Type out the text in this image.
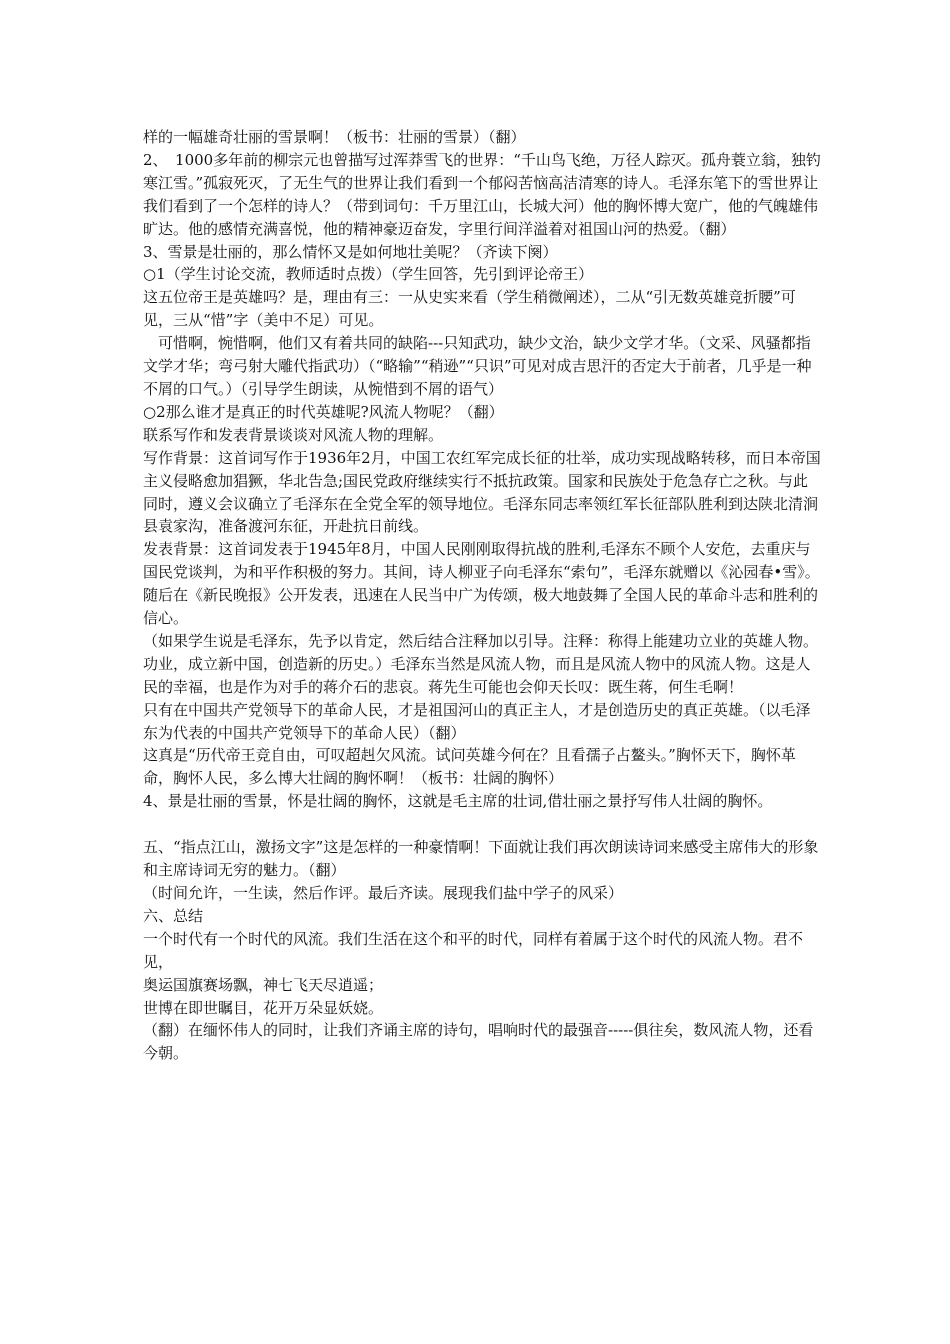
样的一幅雄奇壮丽的雪景啊！（板书：壮丽的雪景）（翻）

2、　1000多年前的柳宗元也曾描写过浑莽雪飞的世界：“千山鸟飞绝，万径人踪灭。孤舟蓑立翁，独钓寒江雪。”孤寂死灭，了无生气的世界让我们看到一个郁闷苦恼高洁清寒的诗人。毛泽东笔下的雪世界让我们看到了一个怎样的诗人？（带到词句：千万里江山，长城大河）他的胸怀博大宽广，他的气魄雄伟旷达。他的感情充满喜悦，他的精神豪迈奋发，字里行间洋溢着对祖国山河的热爱。（翻）

3、雪景是壮丽的，那么情怀又是如何地壮美呢？（齐读下阕）

○1（学生讨论交流，教师适时点拨）（学生回答，先引到评论帝王）

这五位帝王是英雄吗？是，理由有三：一从史实来看（学生稍微阐述），二从“引无数英雄竞折腰”可见，三从“惜”字（美中不足）可见。

可惜啊，惋惜啊，他们又有着共同的缺陷---只知武功，缺少文治，缺少文学才华。（文采、风骚都指文学才华；弯弓射大雕代指武功）（“略输”“稍逊”“只识”可见对成吉思汗的否定大于前者，几乎是一种不屑的口气。）（引导学生朗读，从惋惜到不屑的语气）

○2那么谁才是真正的时代英雄呢?风流人物呢？（翻）

联系写作和发表背景谈谈对风流人物的理解。

写作背景：这首词写作于1936年2月，中国工农红军完成长征的壮举，成功实现战略转移，而日本帝国主义侵略愈加猖獗，华北告急;国民党政府继续实行不抵抗政策。国家和民族处于危急存亡之秋。与此同时，遵义会议确立了毛泽东在全党全军的领导地位。毛泽东同志率领红军长征部队胜利到达陕北清涧县袁家沟，准备渡河东征，开赴抗日前线。

发表背景：这首词发表于1945年8月，中国人民刚刚取得抗战的胜利,毛泽东不顾个人安危，去重庆与国民党谈判，为和平作积极的努力。其间，诗人柳亚子向毛泽东“索句”，毛泽东就赠以《沁园春•雪》。随后在《新民晚报》公开发表，迅速在人民当中广为传颂，极大地鼓舞了全国人民的革命斗志和胜利的信心。

（如果学生说是毛泽东，先予以肯定，然后结合注释加以引导。注释：称得上能建功立业的英雄人物。功业，成立新中国，创造新的历史。）毛泽东当然是风流人物，而且是风流人物中的风流人物。这是人民的幸福，也是作为对手的蒋介石的悲哀。蒋先生可能也会仰天长叹：既生蒋，何生毛啊！

只有在中国共产党领导下的革命人民，才是祖国河山的真正主人，才是创造历史的真正英雄。（以毛泽东为代表的中国共产党领导下的革命人民）（翻）

这真是“历代帝王竞自由，可叹超赳欠风流。试问英雄今何在？且看孺子占鳌头。”胸怀天下，胸怀革命，胸怀人民，多么博大壮阔的胸怀啊！（板书：壮阔的胸怀）

4、景是壮丽的雪景，怀是壮阔的胸怀，这就是毛主席的壮词,借壮丽之景抒写伟人壮阔的胸怀。

五、“指点江山，激扬文字”这是怎样的一种豪情啊！下面就让我们再次朗读诗词来感受主席伟大的形象和主席诗词无穷的魅力。（翻）

（时间允许，一生读，然后作评。最后齐读。展现我们盐中学子的风采）

六、总结

一个时代有一个时代的风流。我们生活在这个和平的时代，同样有着属于这个时代的风流人物。君不见，

奥运国旗赛场飘，神七飞天尽逍遥；

世博在即世瞩目，花开万朵显妖娆。

（翻）在缅怀伟人的同时，让我们齐诵主席的诗句，唱响时代的最强音-----俱往矣，数风流人物，还看今朝。
